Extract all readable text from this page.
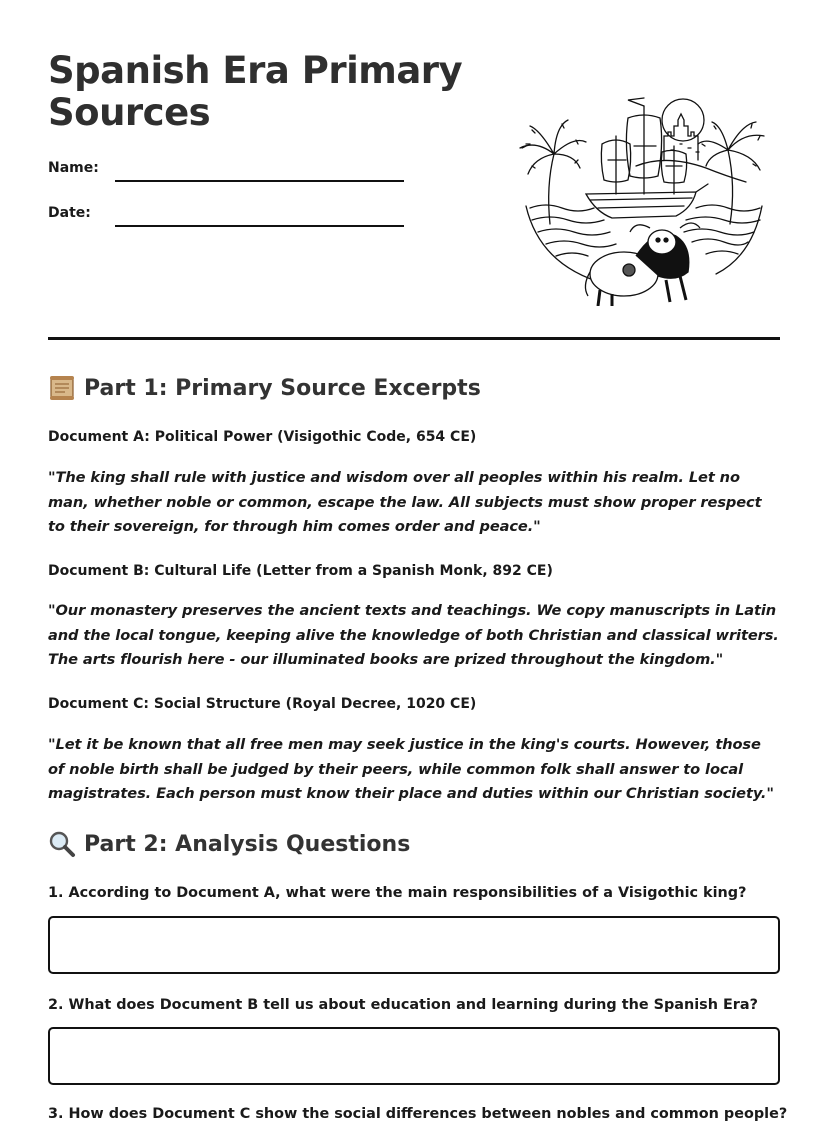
Spanish Era Primary Sources
Name:
Date:
Part 1: Primary Source Excerpts
Document A: Political Power (Visigothic Code, 654 CE)

"The king shall rule with justice and wisdom over all peoples within his realm. Let no man, whether noble or common, escape the law. All subjects must show proper respect to their sovereign, for through him comes order and peace."

Document B: Cultural Life (Letter from a Spanish Monk, 892 CE)

"Our monastery preserves the ancient texts and teachings. We copy manuscripts in Latin and the local tongue, keeping alive the knowledge of both Christian and classical writers. The arts flourish here - our illuminated books are prized throughout the kingdom."

Document C: Social Structure (Royal Decree, 1020 CE)

"Let it be known that all free men may seek justice in the king's courts. However, those of noble birth shall be judged by their peers, while common folk shall answer to local magistrates. Each person must know their place and duties within our Christian society."

Part 2: Analysis Questions
1. According to Document A, what were the main responsibilities of a Visigothic king?
2. What does Document B tell us about education and learning during the Spanish Era?
3. How does Document C show the social differences between nobles and common people?
